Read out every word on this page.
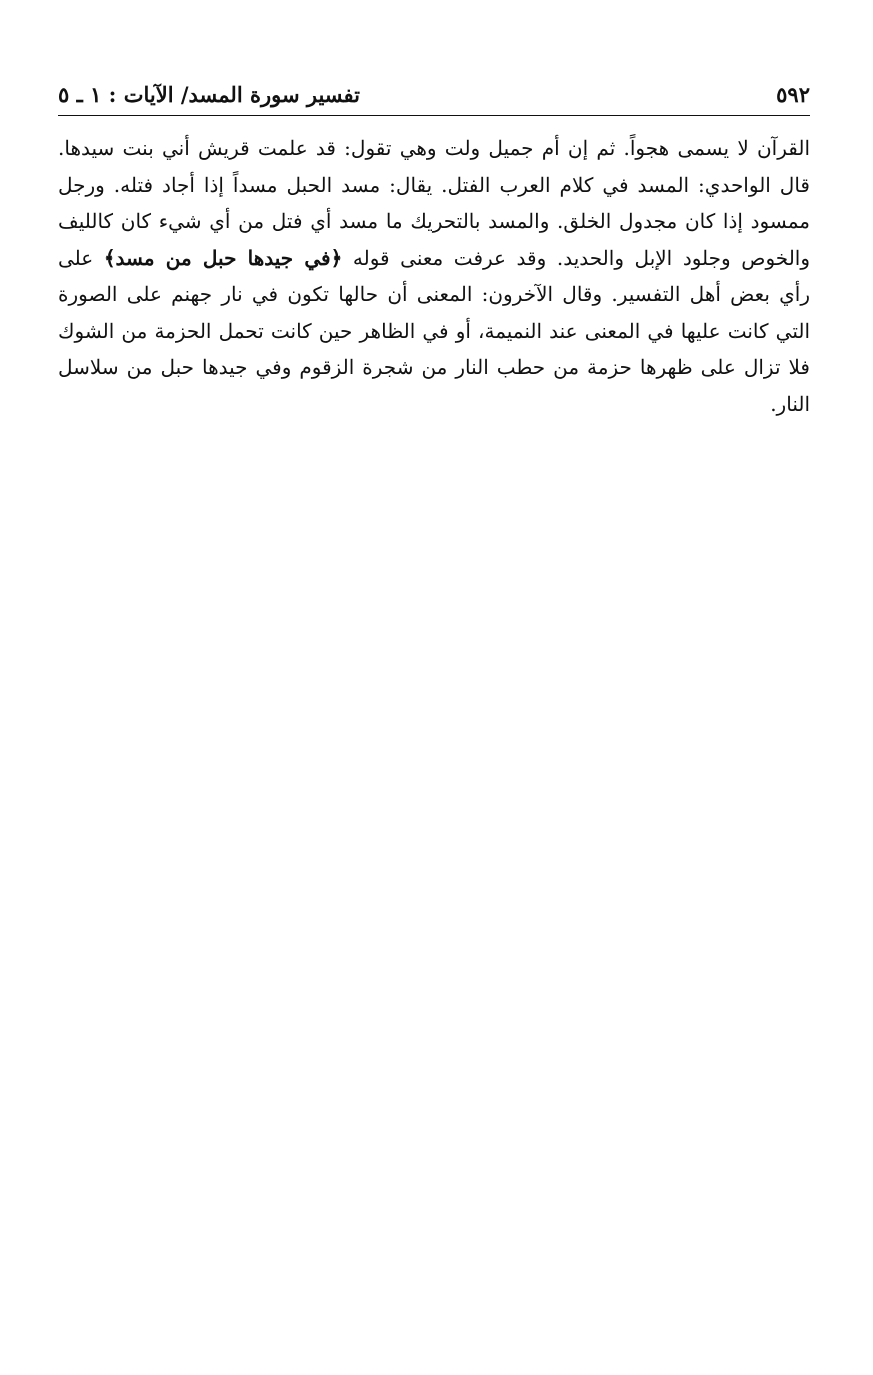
٥٩٢
تفسير سورة المسد/ الآيات : ١ ـ ٥
القرآن لا يسمى هجواً. ثم إن أم جميل ولت وهي تقول: قد علمت قريش أني بنت سيدها.
قال الواحدي: المسد في كلام العرب الفتل. يقال: مسد الحبل مسداً إذا أجاد فتله. ورجل
ممسود إذا كان مجدول الخلق. والمسد بالتحريك ما مسد أي فتل من أي شيء كان كالليف
والخوص وجلود الإبل والحديد. وقد عرفت معنى قوله ﴿في جيدها حبل من مسد﴾ على
رأي بعض أهل التفسير. وقال الآخرون: المعنى أن حالها تكون في نار جهنم على الصورة
التي كانت عليها في المعنى عند النميمة، أو في الظاهر حين كانت تحمل الحزمة من الشوك
فلا تزال على ظهرها حزمة من حطب النار من شجرة الزقوم وفي جيدها حبل من سلاسل
النار.
